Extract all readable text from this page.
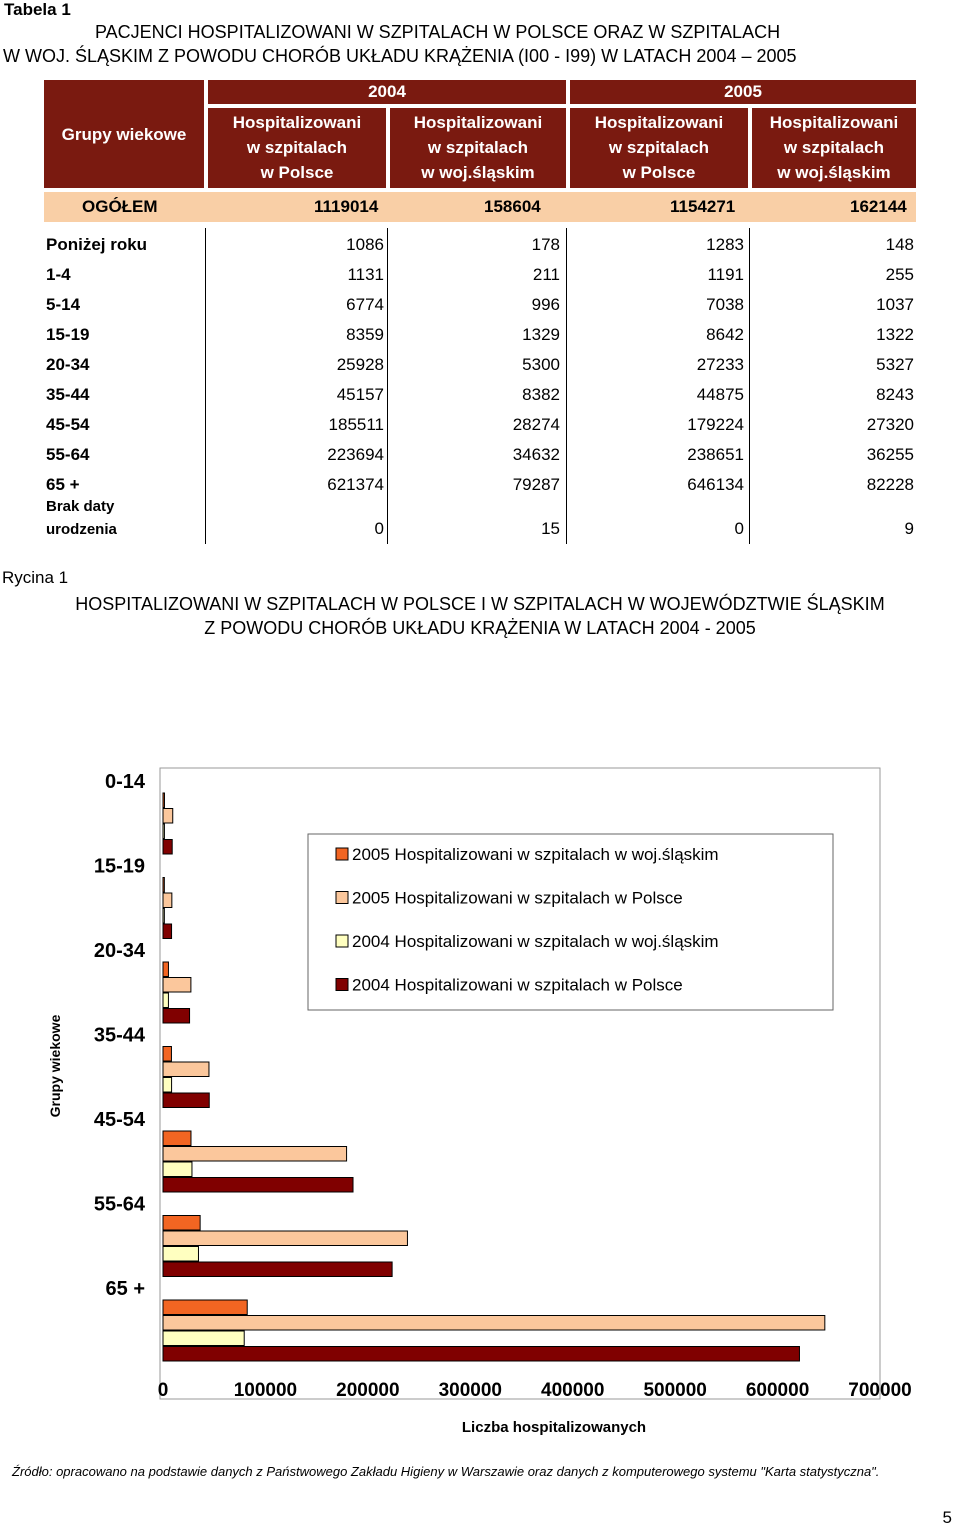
Tabela 1
PACJENCI HOSPITALIZOWANI W SZPITALACH W POLSCE ORAZ W SZPITALACH
W WOJ. ŚLĄSKIM Z POWODU CHORÓB UKŁADU KRĄŻENIA (I00 - I99) W LATACH 2004 – 2005
Grupy wiekowe
2004	2005
Hospitalizowani
w szpitalach
w Polsce
Hospitalizowani
w szpitalach
w woj.śląskim
Hospitalizowani
w szpitalach
w Polsce
Hospitalizowani
w szpitalach
w woj.śląskim
OGÓŁEM	1119014	158604	1154271	162144
Poniżej roku	1086	178	1283	148
1-4	1131	211	1191	255
5-14	6774	996	7038	1037
15-19	8359	1329	8642	1322
20-34	25928	5300	27233	5327
35-44	45157	8382	44875	8243
45-54	185511	28274	179224	27320
55-64	223694	34632	238651	36255
65 +	621374	79287	646134	82228
Brak daty
urodzenia	0	15	0	9
Rycina 1
HOSPITALIZOWANI W SZPITALACH W POLSCE I W SZPITALACH W WOJEWÓDZTWIE ŚLĄSKIM
Z POWODU CHORÓB UKŁADU KRĄŻENIA W LATACH 2004 - 2005
0-14
15-19
20-34
35-44
45-54
55-64
65 +
0	100000 200000 300000 400000 500000 600000 700000
Liczba hospitalizowanych
Grupy wiekowe
2005 Hospitalizowani w szpitalach w woj.śląskim
2005 Hospitalizowani w szpitalach w Polsce
2004 Hospitalizowani w szpitalach w woj.śląskim
2004 Hospitalizowani w szpitalach w Polsce
Źródło: opracowano na podstawie danych z Państwowego Zakładu Higieny w Warszawie oraz danych z komputerowego systemu "Karta statystyczna".
5
